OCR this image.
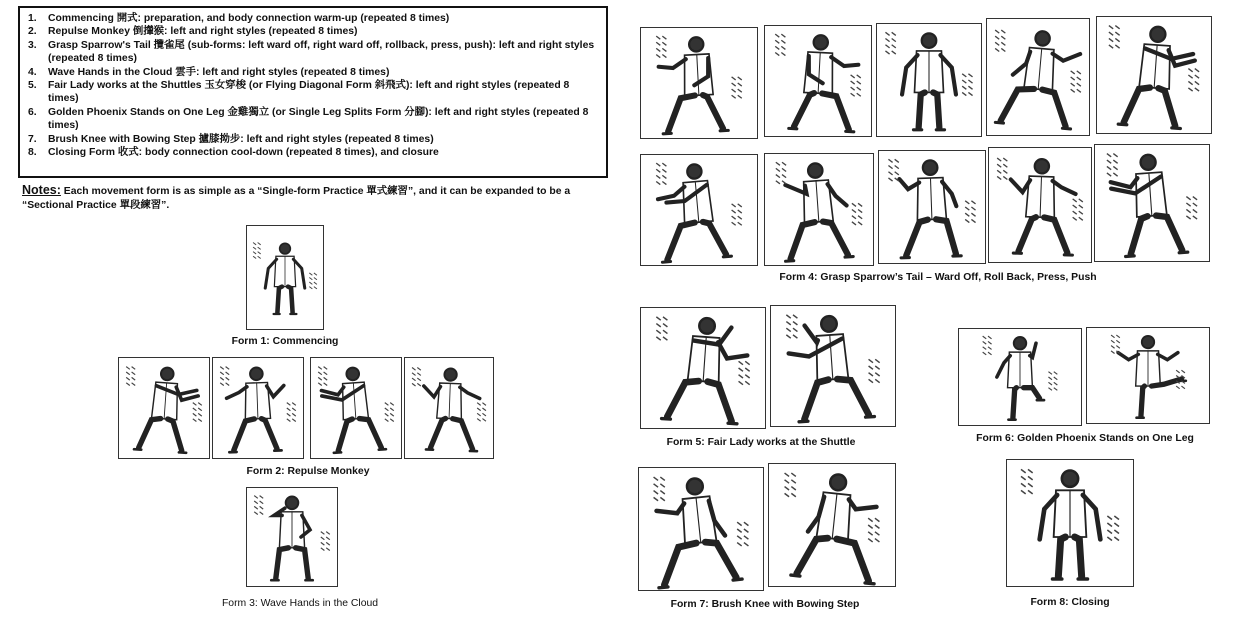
1.	Commencing 開式: preparation, and body connection warm-up (repeated 8 times)
2.	Repulse Monkey 倒攆猴: left and right styles (repeated 8 times)
3.	Grasp Sparrow's Tail 攬雀尾 (sub-forms: left ward off, right ward off, rollback, press, push): left and right styles (repeated 8 times)
4.	Wave Hands in the Cloud 雲手: left and right styles (repeated 8 times)
5.	Fair Lady works at the Shuttles 玉女穿梭 (or Flying Diagonal Form 斜飛式): left and right styles (repeated 8 times)
6.	Golden Phoenix Stands on One Leg 金雞獨立 (or Single Leg Splits Form 分腳): left and right styles (repeated 8 times)
7.	Brush Knee with Bowing Step 攎膝拗步: left and right styles (repeated 8 times)
8.	Closing Form 收式: body connection cool-down (repeated 8 times), and closure
Notes: Each movement form is as simple as a “Single-form Practice 單式練習”, and it can be expanded to be a “Sectional Practice 單段練習”.
Form 1: Commencing
Form 2: Repulse Monkey
Form 3: Wave Hands in the Cloud
Form 4: Grasp Sparrow’s Tail – Ward Off, Roll Back, Press, Push
Form 5: Fair Lady works at the Shuttle	Form 6: Golden Phoenix Stands on One Leg
Form 7: Brush Knee with Bowing Step	Form 8: Closing
